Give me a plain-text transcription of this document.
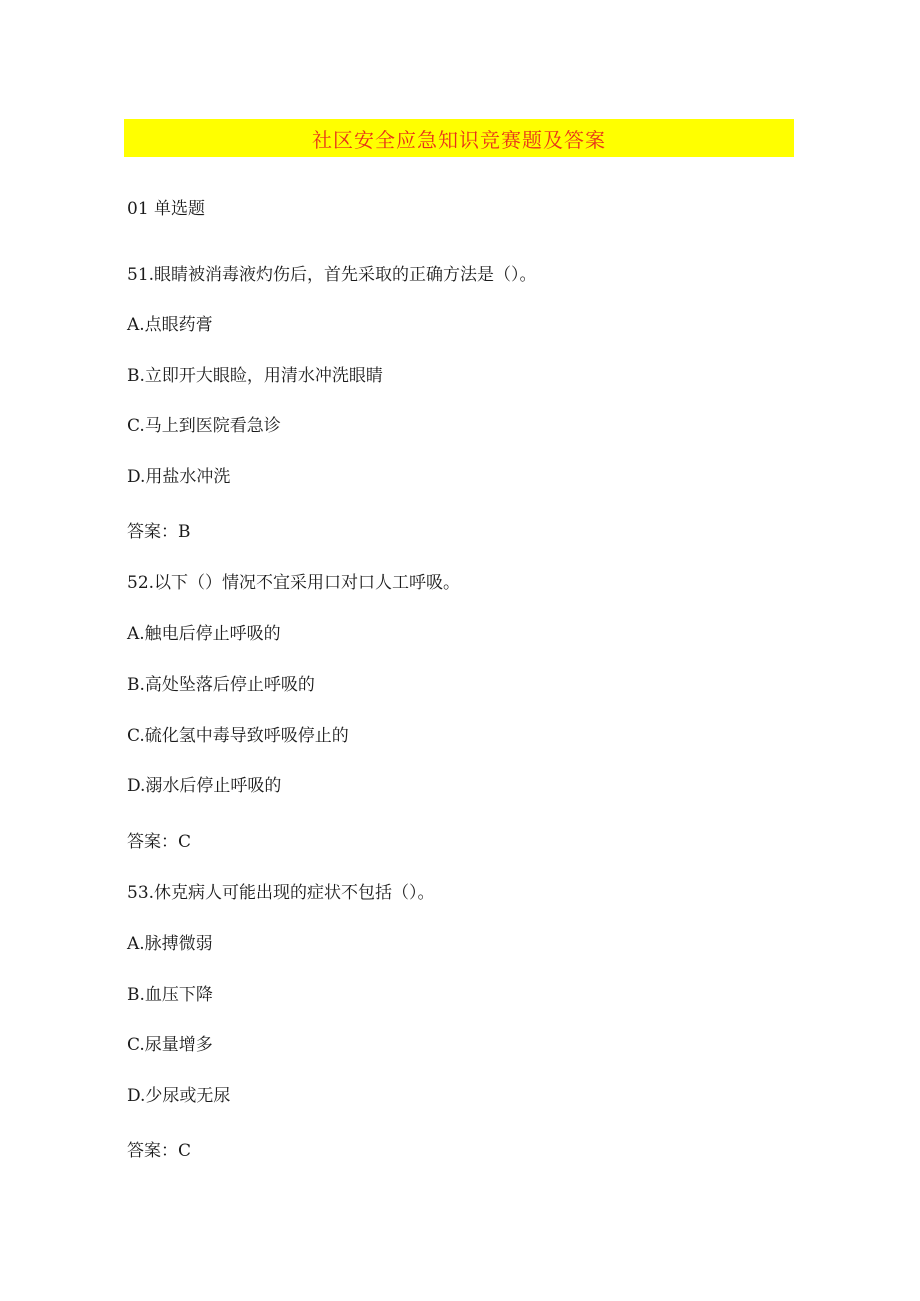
社区安全应急知识竞赛题及答案
01 单选题
51.眼睛被消毒液灼伤后，首先采取的正确方法是（）。
A.点眼药膏
B.立即开大眼睑，用清水冲洗眼睛
C.马上到医院看急诊
D.用盐水冲洗
答案：B
52.以下（）情况不宜采用口对口人工呼吸。
A.触电后停止呼吸的
B.高处坠落后停止呼吸的
C.硫化氢中毒导致呼吸停止的
D.溺水后停止呼吸的
答案：C
53.休克病人可能出现的症状不包括（）。
A.脉搏微弱
B.血压下降
C.尿量增多
D.少尿或无尿
答案：C
